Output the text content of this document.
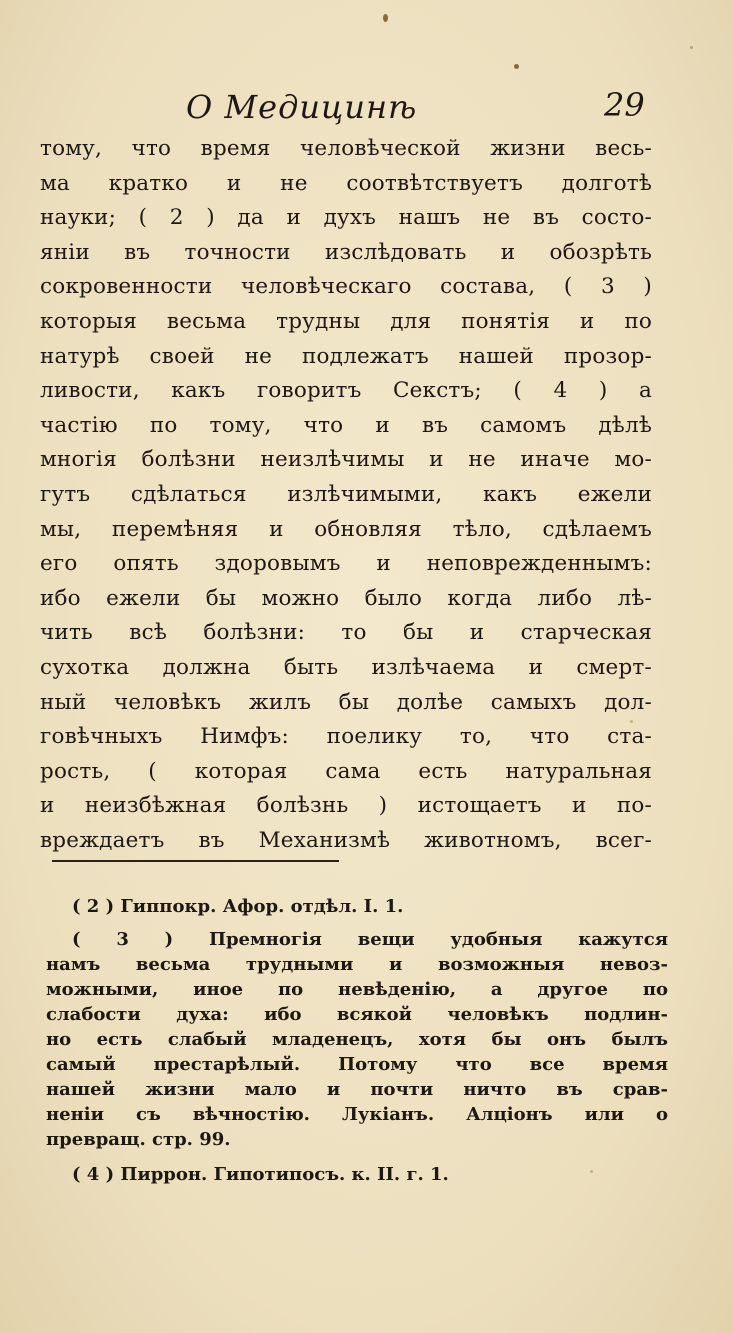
О Медицинѣ	29
тому, что время человѣческой жизни весь-
ма кратко и не соотвѣтствуетъ долготѣ
науки; ( 2 ) да и духъ нашъ не въ состо-
яніи въ точности изслѣдовать и обозрѣть
сокровенности человѣческаго состава, ( 3 )
которыя весьма трудны для понятія и по
натурѣ своей не подлежатъ нашей прозор-
ливости, какъ говоритъ Секстъ; ( 4 ) а
частію по тому, что и въ самомъ дѣлѣ
многія болѣзни неизлѣчимы и не иначе мо-
гутъ сдѣлаться излѣчимыми, какъ ежели
мы, перемѣняя и обновляя тѣло, сдѣлаемъ
его опять здоровымъ и неповрежденнымъ:
ибо ежели бы можно было когда либо лѣ-
чить всѣ болѣзни: то бы и старческая
сухотка должна быть излѣчаема и смерт-
ный человѣкъ жилъ бы долѣе самыхъ дол-
говѣчныхъ Нимфъ: поелику то, что ста-
рость, ( которая сама есть натуральная
и неизбѣжная болѣзнь ) истощаетъ и по-
вреждаетъ въ Механизмѣ животномъ, всег-
( 2 ) Гиппокр. Афор. отдѣл. I. 1.
( 3 ) Премногія вещи удобныя кажутся
намъ весьма трудными и возможныя невоз-
можными, иное по невѣденію, а другое по
слабости духа: ибо всякой человѣкъ подлин-
но есть слабый младенецъ, хотя бы онъ былъ
самый престарѣлый. Потому что все время
нашей жизни мало и почти ничто въ срав-
неніи съ вѣчностію. Лукіанъ. Алціонъ или о
превращ. стр. 99.
( 4 ) Пиррон. Гипотипосъ. к. II. г. 1.
